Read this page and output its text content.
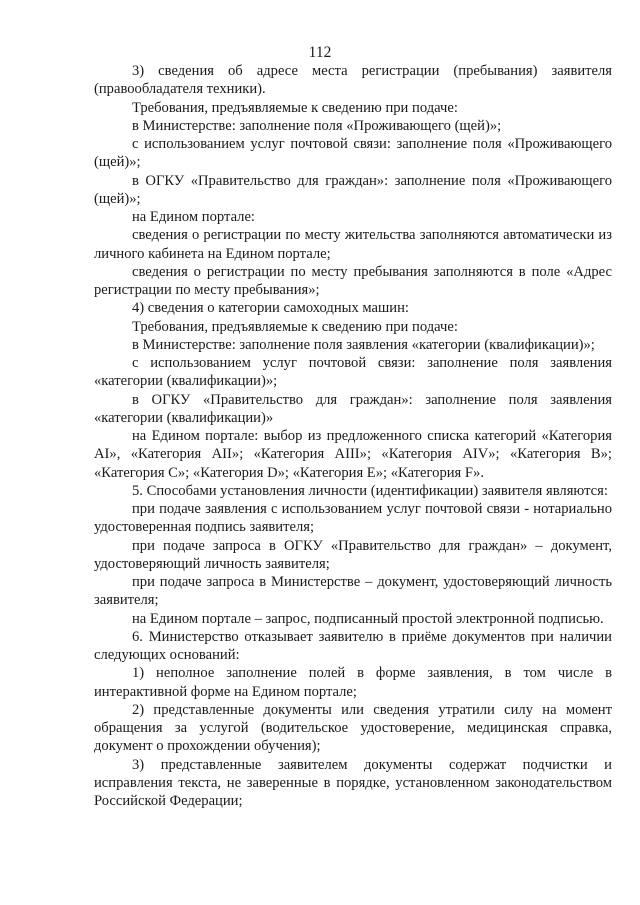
112

3) сведения об адресе места регистрации (пребывания) заявителя (правообладателя техники).

Требования, предъявляемые к сведению при подаче:

в Министерстве: заполнение поля «Проживающего (щей)»;

с использованием услуг почтовой связи: заполнение поля «Проживающего (щей)»;

в ОГКУ «Правительство для граждан»: заполнение поля «Проживающего (щей)»;

на Едином портале:

сведения о регистрации по месту жительства заполняются автоматически из личного кабинета на Едином портале;

сведения о регистрации по месту пребывания заполняются в поле «Адрес регистрации по месту пребывания»;

4) сведения о категории самоходных машин:

Требования, предъявляемые к сведению при подаче:

в Министерстве: заполнение поля заявления «категории (квалификации)»;

с использованием услуг почтовой связи: заполнение поля заявления «категории (квалификации)»;

в ОГКУ «Правительство для граждан»: заполнение поля заявления «категории (квалификации)»

на Едином портале: выбор из предложенного списка категорий «Категория AI», «Категория AII»; «Категория AIII»; «Категория AIV»; «Категория B»; «Категория C»; «Категория D»; «Категория E»; «Категория F».

5. Способами установления личности (идентификации) заявителя являются:

при подаче заявления с использованием услуг почтовой связи - нотариально удостоверенная подпись заявителя;

при подаче запроса в ОГКУ «Правительство для граждан» – документ, удостоверяющий личность заявителя;

при подаче запроса в Министерстве – документ, удостоверяющий личность заявителя;

на Едином портале – запрос, подписанный простой электронной подписью.

6. Министерство отказывает заявителю в приёме документов при наличии следующих оснований:

1) неполное заполнение полей в форме заявления, в том числе в интерактивной форме на Едином портале;

2) представленные документы или сведения утратили силу на момент обращения за услугой (водительское удостоверение, медицинская справка, документ о прохождении обучения);

3) представленные заявителем документы содержат подчистки и исправления текста, не заверенные в порядке, установленном законодательством Российской Федерации;
